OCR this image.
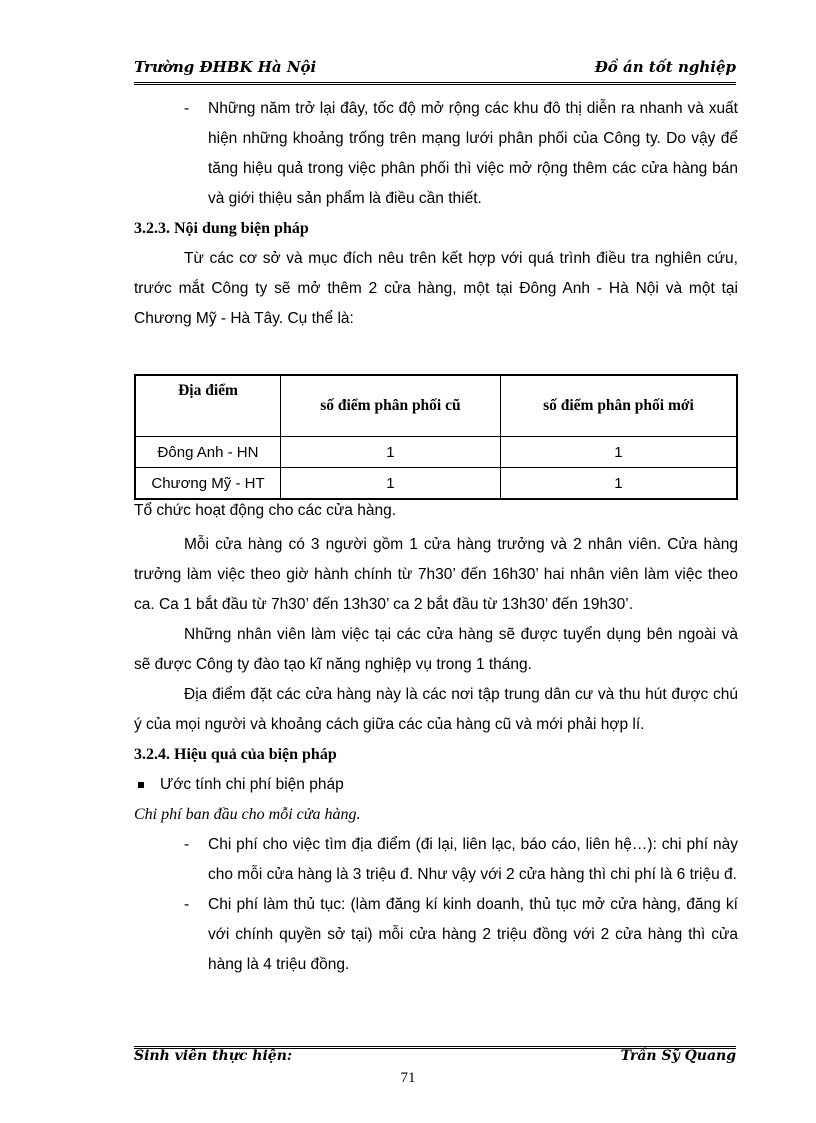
Trường ĐHBK Hà Nội	Đồ án tốt nghiệp

- Những năm trở lại đây, tốc độ mở rộng các khu đô thị diễn ra nhanh và xuất hiện những khoảng trống trên mạng lưới phân phối của Công ty. Do vậy để tăng hiệu quả trong việc phân phối thì việc mở rộng thêm các cửa hàng bán và giới thiệu sản phẩm là điều cần thiết.

3.2.3. Nội dung biện pháp

Từ các cơ sở và mục đích nêu trên kết hợp với quá trình điều tra nghiên cứu, trước mắt Công ty sẽ mở thêm 2 cửa hàng, một tại Đông Anh - Hà Nội và một tại Chương Mỹ - Hà Tây. Cụ thể là:

Địa điểm	số điểm phân phối cũ	số điểm phân phối mới
Đông Anh - HN	1	1
Chương Mỹ - HT	1	1

Tổ chức hoạt động cho các cửa hàng.

Mỗi cửa hàng có 3 người gồm 1 cửa hàng trưởng và 2 nhân viên. Cửa hàng trưởng làm việc theo giờ hành chính từ 7h30’ đến 16h30’ hai nhân viên làm việc theo ca. Ca 1 bắt đầu từ 7h30’ đến 13h30’ ca 2 bắt đầu từ 13h30’ đến 19h30’.

Những nhân viên làm việc tại các cửa hàng sẽ được tuyển dụng bên ngoài và sẽ được Công ty đào tạo kĩ năng nghiệp vụ trong 1 tháng.

Địa điểm đặt các cửa hàng này là các nơi tập trung dân cư và thu hút được chú ý của mọi người và khoảng cách giữa các của hàng cũ và mới phải hợp lí.

3.2.4. Hiệu quả của biện pháp

Ước tính chi phí biện pháp

Chi phí ban đầu cho mỗi cửa hàng.

- Chi phí cho việc tìm địa điểm (đi lại, liên lạc, báo cáo, liên hệ…): chi phí này cho mỗi cửa hàng là 3 triệu đ. Như vậy với 2 cửa hàng thì chi phí là 6 triệu đ.

- Chi phí làm thủ tục: (làm đăng kí kinh doanh, thủ tục mở cửa hàng, đăng kí với chính quyền sở tại) mỗi cửa hàng 2 triệu đồng với 2 cửa hàng thì cửa hàng là 4 triệu đồng.

Sinh viên thực hiện:	Trần Sỹ Quang
71
